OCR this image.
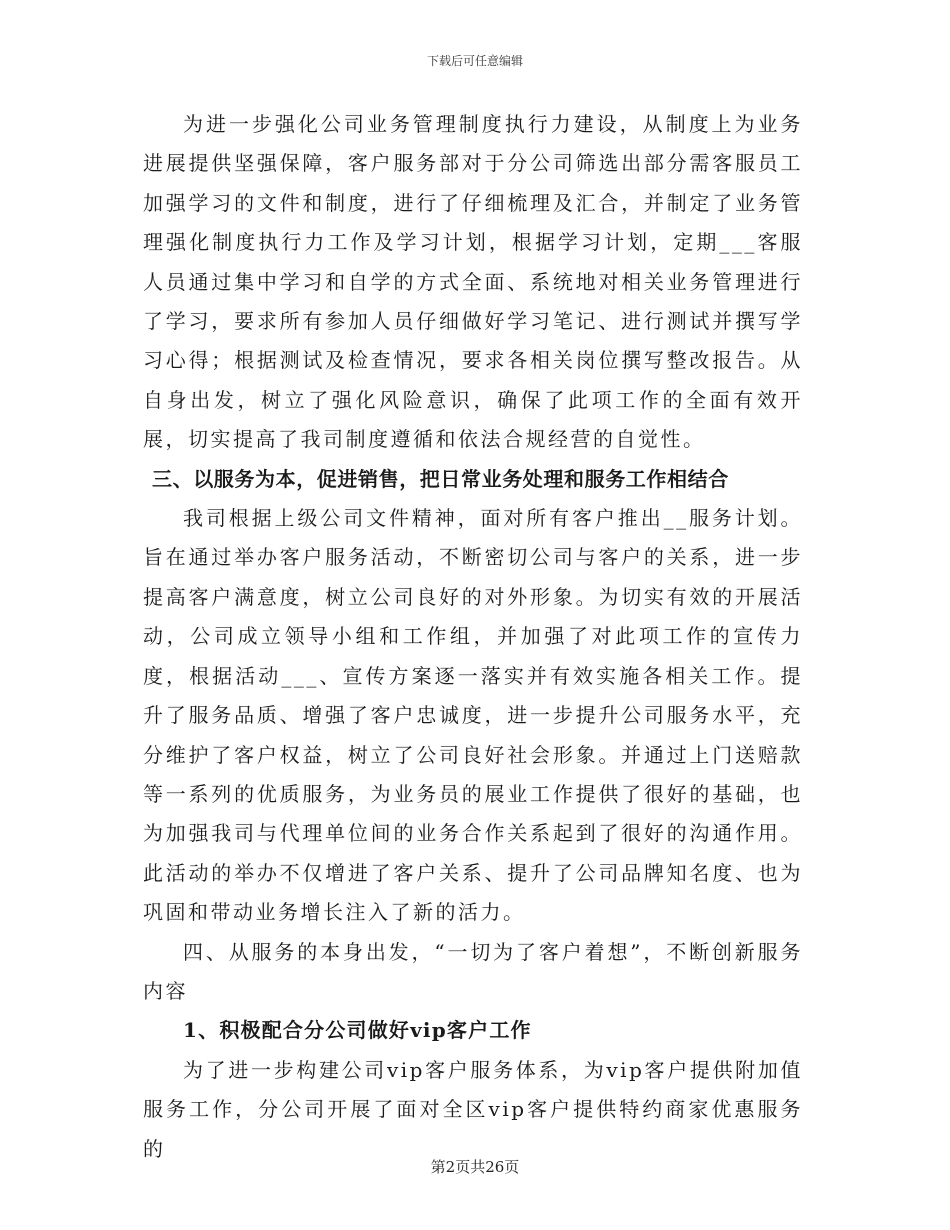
下载后可任意编辑

为进一步强化公司业务管理制度执行力建设，从制度上为业务进展提供坚强保障，客户服务部对于分公司筛选出部分需客服员工加强学习的文件和制度，进行了仔细梳理及汇合，并制定了业务管理强化制度执行力工作及学习计划，根据学习计划，定期___客服人员通过集中学习和自学的方式全面、系统地对相关业务管理进行了学习，要求所有参加人员仔细做好学习笔记、进行测试并撰写学习心得；根据测试及检查情况，要求各相关岗位撰写整改报告。从自身出发，树立了强化风险意识，确保了此项工作的全面有效开展，切实提高了我司制度遵循和依法合规经营的自觉性。

三、以服务为本，促进销售，把日常业务处理和服务工作相结合

我司根据上级公司文件精神，面对所有客户推出__服务计划。旨在通过举办客户服务活动，不断密切公司与客户的关系，进一步提高客户满意度，树立公司良好的对外形象。为切实有效的开展活动，公司成立领导小组和工作组，并加强了对此项工作的宣传力度，根据活动___、宣传方案逐一落实并有效实施各相关工作。提升了服务品质、增强了客户忠诚度，进一步提升公司服务水平，充分维护了客户权益，树立了公司良好社会形象。并通过上门送赔款等一系列的优质服务，为业务员的展业工作提供了很好的基础，也为加强我司与代理单位间的业务合作关系起到了很好的沟通作用。此活动的举办不仅增进了客户关系、提升了公司品牌知名度、也为巩固和带动业务增长注入了新的活力。

四、从服务的本身出发，“一切为了客户着想”，不断创新服务内容

1、积极配合分公司做好vip客户工作

为了进一步构建公司vip客户服务体系，为vip客户提供附加值服务工作，分公司开展了面对全区vip客户提供特约商家优惠服务的

第2页共26页
